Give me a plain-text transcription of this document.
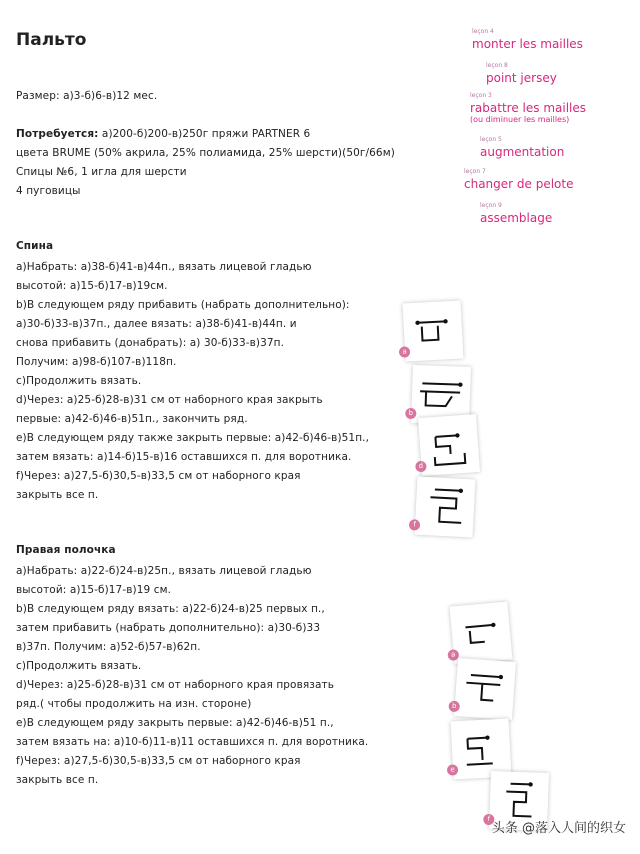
Пальто
Размер: а)3-б)6-в)12 мес.
Потребуется: а)200-б)200-в)250г пряжи PARTNER 6
цвета BRUME (50% акрила, 25% полиамида, 25% шерсти)(50г/66м)
Спицы №6, 1 игла для шерсти
4 пуговицы
leçon 4
monter les mailles
leçon 8
point jersey
leçon 3
rabattre les mailles
(ou diminuer les mailles)
leçon 5
augmentation
leçon 7
changer de pelote
leçon 9
assemblage
Спина
а)Набрать: а)38-б)41-в)44п., вязать лицевой гладью
высотой: а)15-б)17-в)19см.
b)В следующем ряду прибавить (набрать дополнительно):
а)30-б)33-в)37п., далее вязать: а)38-б)41-в)44п. и
снова прибавить (донабрать): а) 30-б)33-в)37п.
Получим: а)98-б)107-в)118п.
c)Продолжить вязать.
d)Через: а)25-б)28-в)31 см от наборного края закрыть
первые: а)42-б)46-в)51п., закончить ряд.
e)В следующем ряду также закрыть первые: а)42-б)46-в)51п.,
затем вязать: а)14-б)15-в)16 оставшихся п. для воротника.
f)Через: а)27,5-б)30,5-в)33,5 см от наборного края
закрыть все п.
a
b
d
f
Правая полочка
а)Набрать: а)22-б)24-в)25п., вязать лицевой гладью
высотой: а)15-б)17-в)19 см.
b)В следующем ряду вязать: а)22-б)24-в)25 первых п.,
затем прибавить (набрать дополнительно): а)30-б)33
в)37п. Получим: а)52-б)57-в)62п.
c)Продолжить вязать.
d)Через: а)25-б)28-в)31 см от наборного края провязать
ряд.( чтобы продолжить на изн. стороне)
e)В следующем ряду закрыть первые: а)42-б)46-в)51 п.,
затем вязать на: а)10-б)11-в)11 оставшихся п. для воротника.
f)Через: а)27,5-б)30,5-в)33,5 см от наборного края
закрыть все п.
a
b
e
f
头条 @落入人间的织女
